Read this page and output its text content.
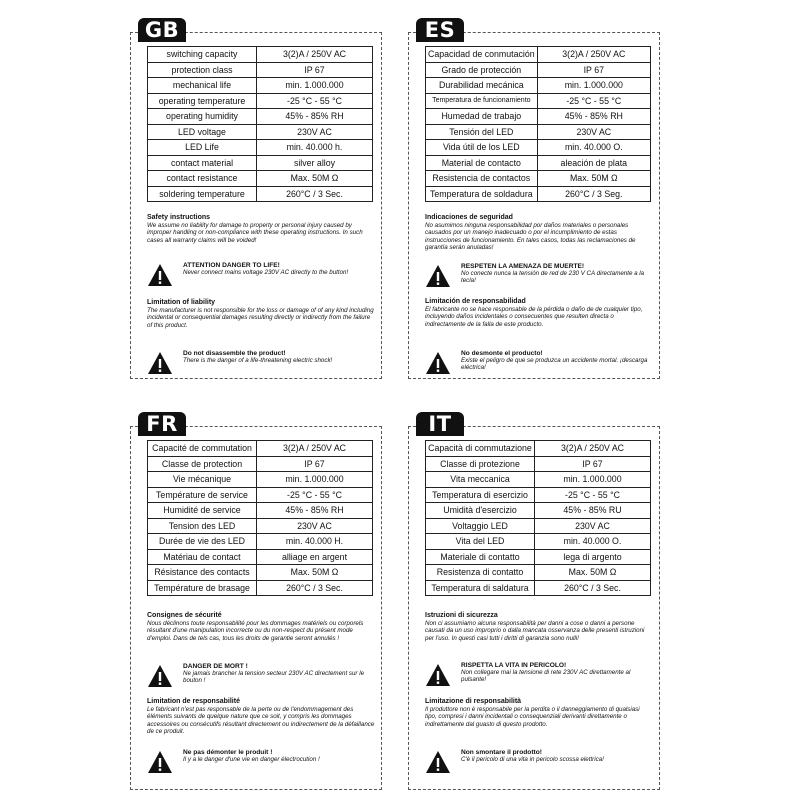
GB
switching capacity	3(2)A / 250V AC
protection class	IP 67
mechanical life	min. 1.000.000
operating temperature	-25 °C - 55 °C
operating humidity	45% - 85% RH
LED voltage	230V AC
LED Life	min. 40.000 h.
contact material	silver alloy
contact resistance	Max. 50M Ω
soldering temperature	260°C / 3 Sec.
Safety instructions
We assume no liability for damage to property or personal injury caused by improper handling or non-compliance with these operating instructions. In such cases all warranty claims will be voided!
ATTENTION DANGER TO LIFE!
Never connect mains voltage 230V AC directly to the button!
Limitation of liability
The manufacturer is not responsible for the loss or damage of of any kind including incidental or consequential damages resulting directly or indirectly from the failure of this product.
Do not disassemble the product!
There is the danger of a life-threatening electric shock!
ES
Capacidad de conmutación	3(2)A / 250V AC
Grado de protección	IP 67
Durabilidad mecánica	min. 1.000.000
Temperatura de funcionamiento	-25 °C - 55 °C
Humedad de trabajo	45% - 85% RH
Tensión del LED	230V AC
Vida útil de los LED	min. 40.000 O.
Material de contacto	aleación de plata
Resistencia de contactos	Max. 50M Ω
Temperatura de soldadura	260°C / 3 Seg.
Indicaciones de seguridad
No asumimos ninguna responsabilidad por daños materiales o personales causados por un manejo inadecuado o por el incumplimiento de estas instrucciones de funcionamiento. En tales casos, todas las reclamaciones de garantía serán anuladas!
RESPETEN LA AMENAZA DE MUERTE!
No conecte nunca la tensión de red de 230 V CA directamente a la tecla!
Limitación de responsabilidad
El fabricante no se hace responsable de la pérdida o daño de de cualquier tipo, incluyendo daños incidentales o consecuentes que resulten directa o indirectamente de la falla de este producto.
No desmonte el producto!
Existe el peligro de que se produzca un accidente mortal. ¡descarga eléctrica!
FR
Capacité de commutation	3(2)A / 250V AC
Classe de protection	IP 67
Vie mécanique	min. 1.000.000
Température de service	-25 °C - 55 °C
Humidité de service	45% - 85% RH
Tension des LED	230V AC
Durée de vie des LED	min. 40.000 H.
Matériau de contact	alliage en argent
Résistance des contacts	Max. 50M Ω
Température de brasage	260°C / 3 Sec.
Consignes de sécurité
Nous déclinons toute responsabilité pour les dommages matériels ou corporels résultant d'une manipulation incorrecte ou du non-respect du présent mode d'emploi. Dans de tels cas, tous les droits de garantie seront annulés !
DANGER DE MORT !
Ne jamais brancher la tension secteur 230V AC directement sur le bouton !
Limitation de responsabilité
Le fabricant n'est pas responsable de la perte ou de l'endommagement des éléments suivants de quelque nature que ce soit, y compris les dommages accessoires ou consécutifs résultant directement ou indirectement de la défaillance de ce produit.
Ne pas démonter le produit !
Il y a le danger d'une vie en danger électrocution !
IT
Capacità di commutazione	3(2)A / 250V AC
Classe di protezione	IP 67
Vita meccanica	min. 1.000.000
Temperatura di esercizio	-25 °C - 55 °C
Umidità d'esercizio	45% - 85% RU
Voltaggio LED	230V AC
Vita del LED	min. 40.000 O.
Materiale di contatto	lega di argento
Resistenza di contatto	Max. 50M Ω
Temperatura di saldatura	260°C / 3 Sec.
Istruzioni di sicurezza
Non ci assumiamo alcuna responsabilità per danni a cose o danni a persone causati da un uso improprio o dalla mancata osservanza delle presenti istruzioni per l'uso. In questi casi tutti i diritti di garanzia sono nulli!
RISPETTA LA VITA IN PERICOLO!
Non collegare mai la tensione di rete 230V AC direttamente al pulsante!
Limitazione di responsabilità
Il produttore non è responsabile per la perdita o il danneggiamento di qualsiasi tipo, compresi i danni incidentali o consequenziali derivanti direttamente o indirettamente dal guasto di questo prodotto.
Non smontare il prodotto!
C'è il pericolo di una vita in pericolo scossa elettrica!
